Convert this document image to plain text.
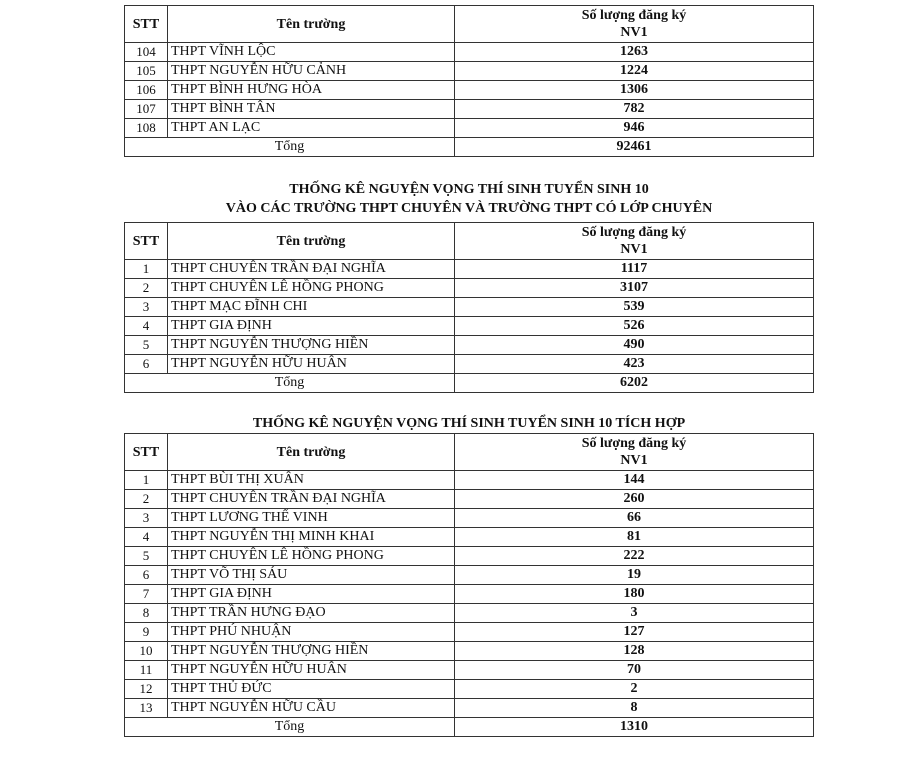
STT	Tên trường	Số lượng đăng ký
NV1
104	THPT VĨNH LỘC	1263
105	THPT NGUYỄN HỮU CẢNH	1224
106	THPT BÌNH HƯNG HÒA	1306
107	THPT BÌNH TÂN	782
108	THPT AN LẠC	946
Tổng		92461
THỐNG KÊ NGUYỆN VỌNG THÍ SINH TUYỂN SINH 10
VÀO CÁC TRƯỜNG THPT CHUYÊN VÀ TRƯỜNG THPT CÓ LỚP CHUYÊN
STT	Tên trường	Số lượng đăng ký
NV1
1	THPT CHUYÊN TRẦN ĐẠI NGHĨA	1117
2	THPT CHUYÊN LÊ HỒNG PHONG	3107
3	THPT MẠC ĐĨNH CHI	539
4	THPT GIA ĐỊNH	526
5	THPT NGUYỄN THƯỢNG HIỀN	490
6	THPT NGUYỄN HỮU HUÂN	423
Tổng		6202
THỐNG KÊ NGUYỆN VỌNG THÍ SINH TUYỂN SINH 10 TÍCH HỢP
STT	Tên trường	Số lượng đăng ký
NV1
1	THPT BÙI THỊ XUÂN	144
2	THPT CHUYÊN TRẦN ĐẠI NGHĨA	260
3	THPT LƯƠNG THẾ VINH	66
4	THPT NGUYỄN THỊ MINH KHAI	81
5	THPT CHUYÊN LÊ HỒNG PHONG	222
6	THPT VÕ THỊ SÁU	19
7	THPT GIA ĐỊNH	180
8	THPT TRẦN HƯNG ĐẠO	3
9	THPT PHÚ NHUẬN	127
10	THPT NGUYỄN THƯỢNG HIỀN	128
11	THPT NGUYỄN HỮU HUÂN	70
12	THPT THỦ ĐỨC	2
13	THPT NGUYỄN HỮU CẦU	8
Tổng		1310
